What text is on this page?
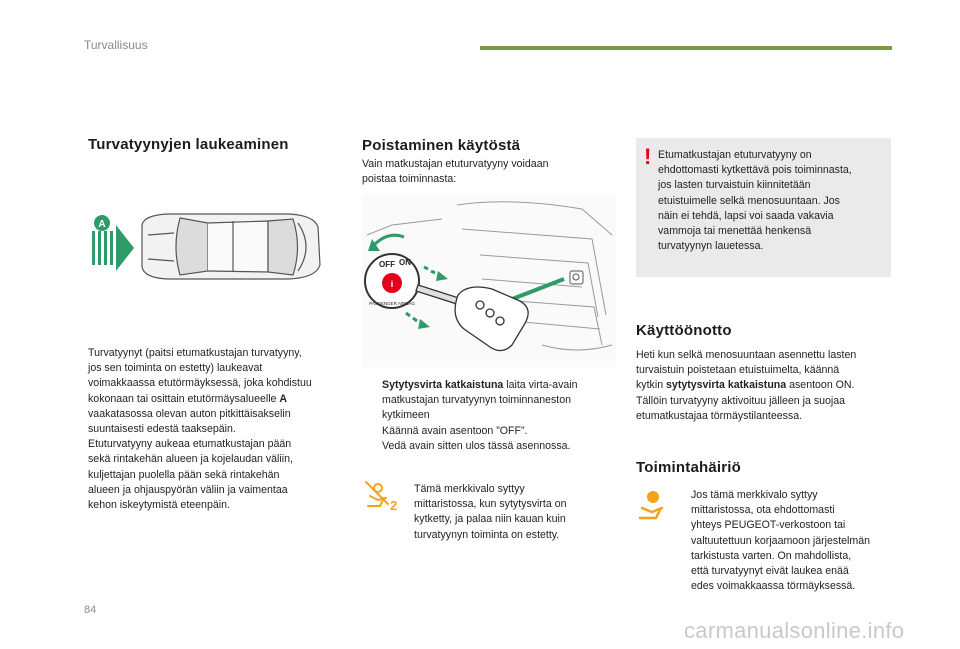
Turvallisuus
Turvatyynyjen laukeaminen
A

Turvatyynyt (paitsi etumatkustajan turvatyyny,

jos sen toiminta on estetty) laukeavat

voimakkaassa etutörmäyksessä, joka kohdistuu

kokonaan tai osittain etutörmäysalueelle A

vaakatasossa olevan auton pitkittäisakselin

suuntaisesti edestä taaksepäin.

Etuturvatyyny aukeaa etumatkustajan pään

sekä rintakehän alueen ja kojelaudan väliin,

kuljettajan puolella pään sekä rintakehän

alueen ja ohjauspyörän väliin ja vaimentaa

kehon iskeytymistä eteenpäin.

Poistaminen käytöstä

Vain matkustajan etuturvatyyny voidaan

poistaa toiminnasta:

OFF ON
i
PASSENGER AIRBAG
Sytytysvirta katkaistuna laita virta-avain
matkustajan turvatyynyn toiminnaneston
kytkimeen
Käännä avain asentoon ”OFF”.
Vedä avain sitten ulos tässä asennossa.
2

Tämä merkkivalo syttyy

mittaristossa, kun sytytysvirta on

kytketty, ja palaa niin kauan kuin

turvatyynyn toiminta on estetty.

! Etumatkustajan etuturvatyyny on

ehdottomasti kytkettävä pois toiminnasta,

jos lasten turvaistuin kiinnitetään

etuistuimelle selkä menosuuntaan. Jos

näin ei tehdä, lapsi voi saada vakavia

vammoja tai menettää henkensä

turvatyynyn lauetessa.

Käyttöönotto

Heti kun selkä menosuuntaan asennettu lasten

turvaistuin poistetaan etuistuimelta, käännä

kytkin sytytysvirta katkaistuna asentoon ON.

Tällöin turvatyyny aktivoituu jälleen ja suojaa

etumatkustajaa törmäystilanteessa.

Toimintahäiriö

Jos tämä merkkivalo syttyy

mittaristossa, ota ehdottomasti

yhteys PEUGEOT-verkostoon tai

valtuutettuun korjaamoon järjestelmän

tarkistusta varten. On mahdollista,

että turvatyynyt eivät laukea enää

edes voimakkaassa törmäyksessä.

84
carmanualsonline.info
